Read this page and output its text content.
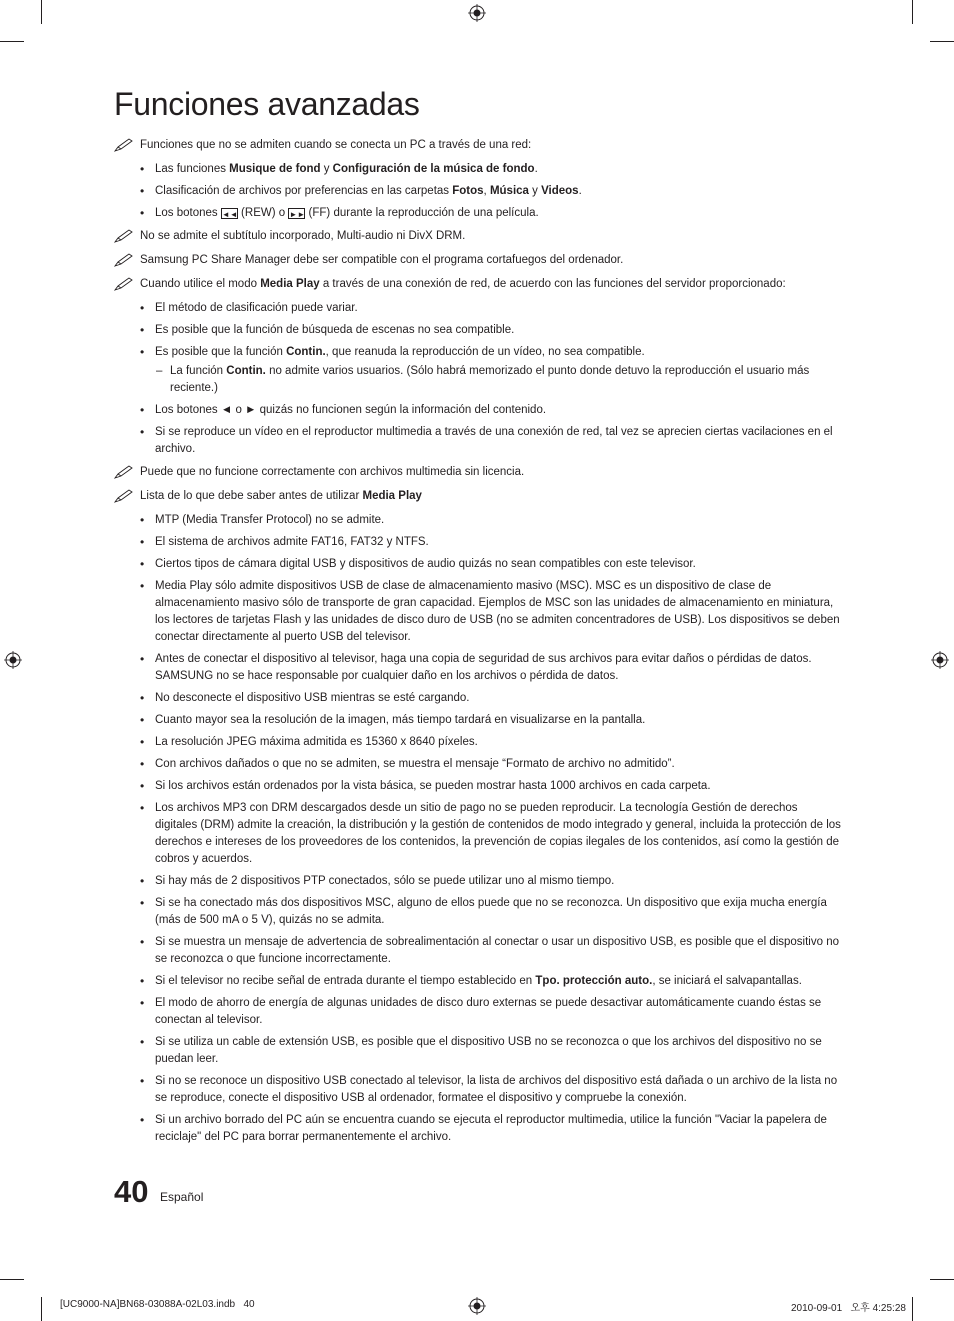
Funciones avanzadas
Funciones que no se admiten cuando se conecta un PC a través de una red:
• Las funciones Musique de fond y Configuración de la música de fondo.
• Clasificación de archivos por preferencias en las carpetas Fotos, Música y Videos.
• Los botones ◄◄ (REW) o ►► (FF) durante la reproducción de una película.
No se admite el subtítulo incorporado, Multi-audio ni DivX DRM.
Samsung PC Share Manager debe ser compatible con el programa cortafuegos del ordenador.
Cuando utilice el modo Media Play a través de una conexión de red, de acuerdo con las funciones del servidor proporcionado:
• El método de clasificación puede variar.
• Es posible que la función de búsqueda de escenas no sea compatible.
• Es posible que la función Contin., que reanuda la reproducción de un vídeo, no sea compatible.
– La función Contin. no admite varios usuarios. (Sólo habrá memorizado el punto donde detuvo la reproducción el usuario más reciente.)
• Los botones ◄ o ► quizás no funcionen según la información del contenido.
• Si se reproduce un vídeo en el reproductor multimedia a través de una conexión de red, tal vez se aprecien ciertas vacilaciones en el archivo.
Puede que no funcione correctamente con archivos multimedia sin licencia.
Lista de lo que debe saber antes de utilizar Media Play
• MTP (Media Transfer Protocol) no se admite.
• El sistema de archivos admite FAT16, FAT32 y NTFS.
• Ciertos tipos de cámara digital USB y dispositivos de audio quizás no sean compatibles con este televisor.
• Media Play sólo admite dispositivos USB de clase de almacenamiento masivo (MSC). MSC es un dispositivo de clase de almacenamiento masivo sólo de transporte de gran capacidad. Ejemplos de MSC son las unidades de almacenamiento en miniatura, los lectores de tarjetas Flash y las unidades de disco duro de USB (no se admiten concentradores de USB). Los dispositivos se deben conectar directamente al puerto USB del televisor.
• Antes de conectar el dispositivo al televisor, haga una copia de seguridad de sus archivos para evitar daños o pérdidas de datos. SAMSUNG no se hace responsable por cualquier daño en los archivos o pérdida de datos.
• No desconecte el dispositivo USB mientras se esté cargando.
• Cuanto mayor sea la resolución de la imagen, más tiempo tardará en visualizarse en la pantalla.
• La resolución JPEG máxima admitida es 15360 x 8640 píxeles.
• Con archivos dañados o que no se admiten, se muestra el mensaje “Formato de archivo no admitido”.
• Si los archivos están ordenados por la vista básica, se pueden mostrar hasta 1000 archivos en cada carpeta.
• Los archivos MP3 con DRM descargados desde un sitio de pago no se pueden reproducir. La tecnología Gestión de derechos digitales (DRM) admite la creación, la distribución y la gestión de contenidos de modo integrado y general, incluida la protección de los derechos e intereses de los proveedores de los contenidos, la prevención de copias ilegales de los contenidos, así como la gestión de cobros y acuerdos.
• Si hay más de 2 dispositivos PTP conectados, sólo se puede utilizar uno al mismo tiempo.
• Si se ha conectado más dos dispositivos MSC, alguno de ellos puede que no se reconozca. Un dispositivo que exija mucha energía (más de 500 mA o 5 V), quizás no se admita.
• Si se muestra un mensaje de advertencia de sobrealimentación al conectar o usar un dispositivo USB, es posible que el dispositivo no se reconozca o que funcione incorrectamente.
• Si el televisor no recibe señal de entrada durante el tiempo establecido en Tpo. protección auto., se iniciará el salvapantallas.
• El modo de ahorro de energía de algunas unidades de disco duro externas se puede desactivar automáticamente cuando éstas se conectan al televisor.
• Si se utiliza un cable de extensión USB, es posible que el dispositivo USB no se reconozca o que los archivos del dispositivo no se puedan leer.
• Si no se reconoce un dispositivo USB conectado al televisor, la lista de archivos del dispositivo está dañada o un archivo de la lista no se reproduce, conecte el dispositivo USB al ordenador, formatee el dispositivo y compruebe la conexión.
• Si un archivo borrado del PC aún se encuentra cuando se ejecuta el reproductor multimedia, utilice la función "Vaciar la papelera de reciclaje" del PC para borrar permanentemente el archivo.
40 Español
[UC9000-NA]BN68-03088A-02L03.indb   40	2010-09-01   오후 4:25:28
